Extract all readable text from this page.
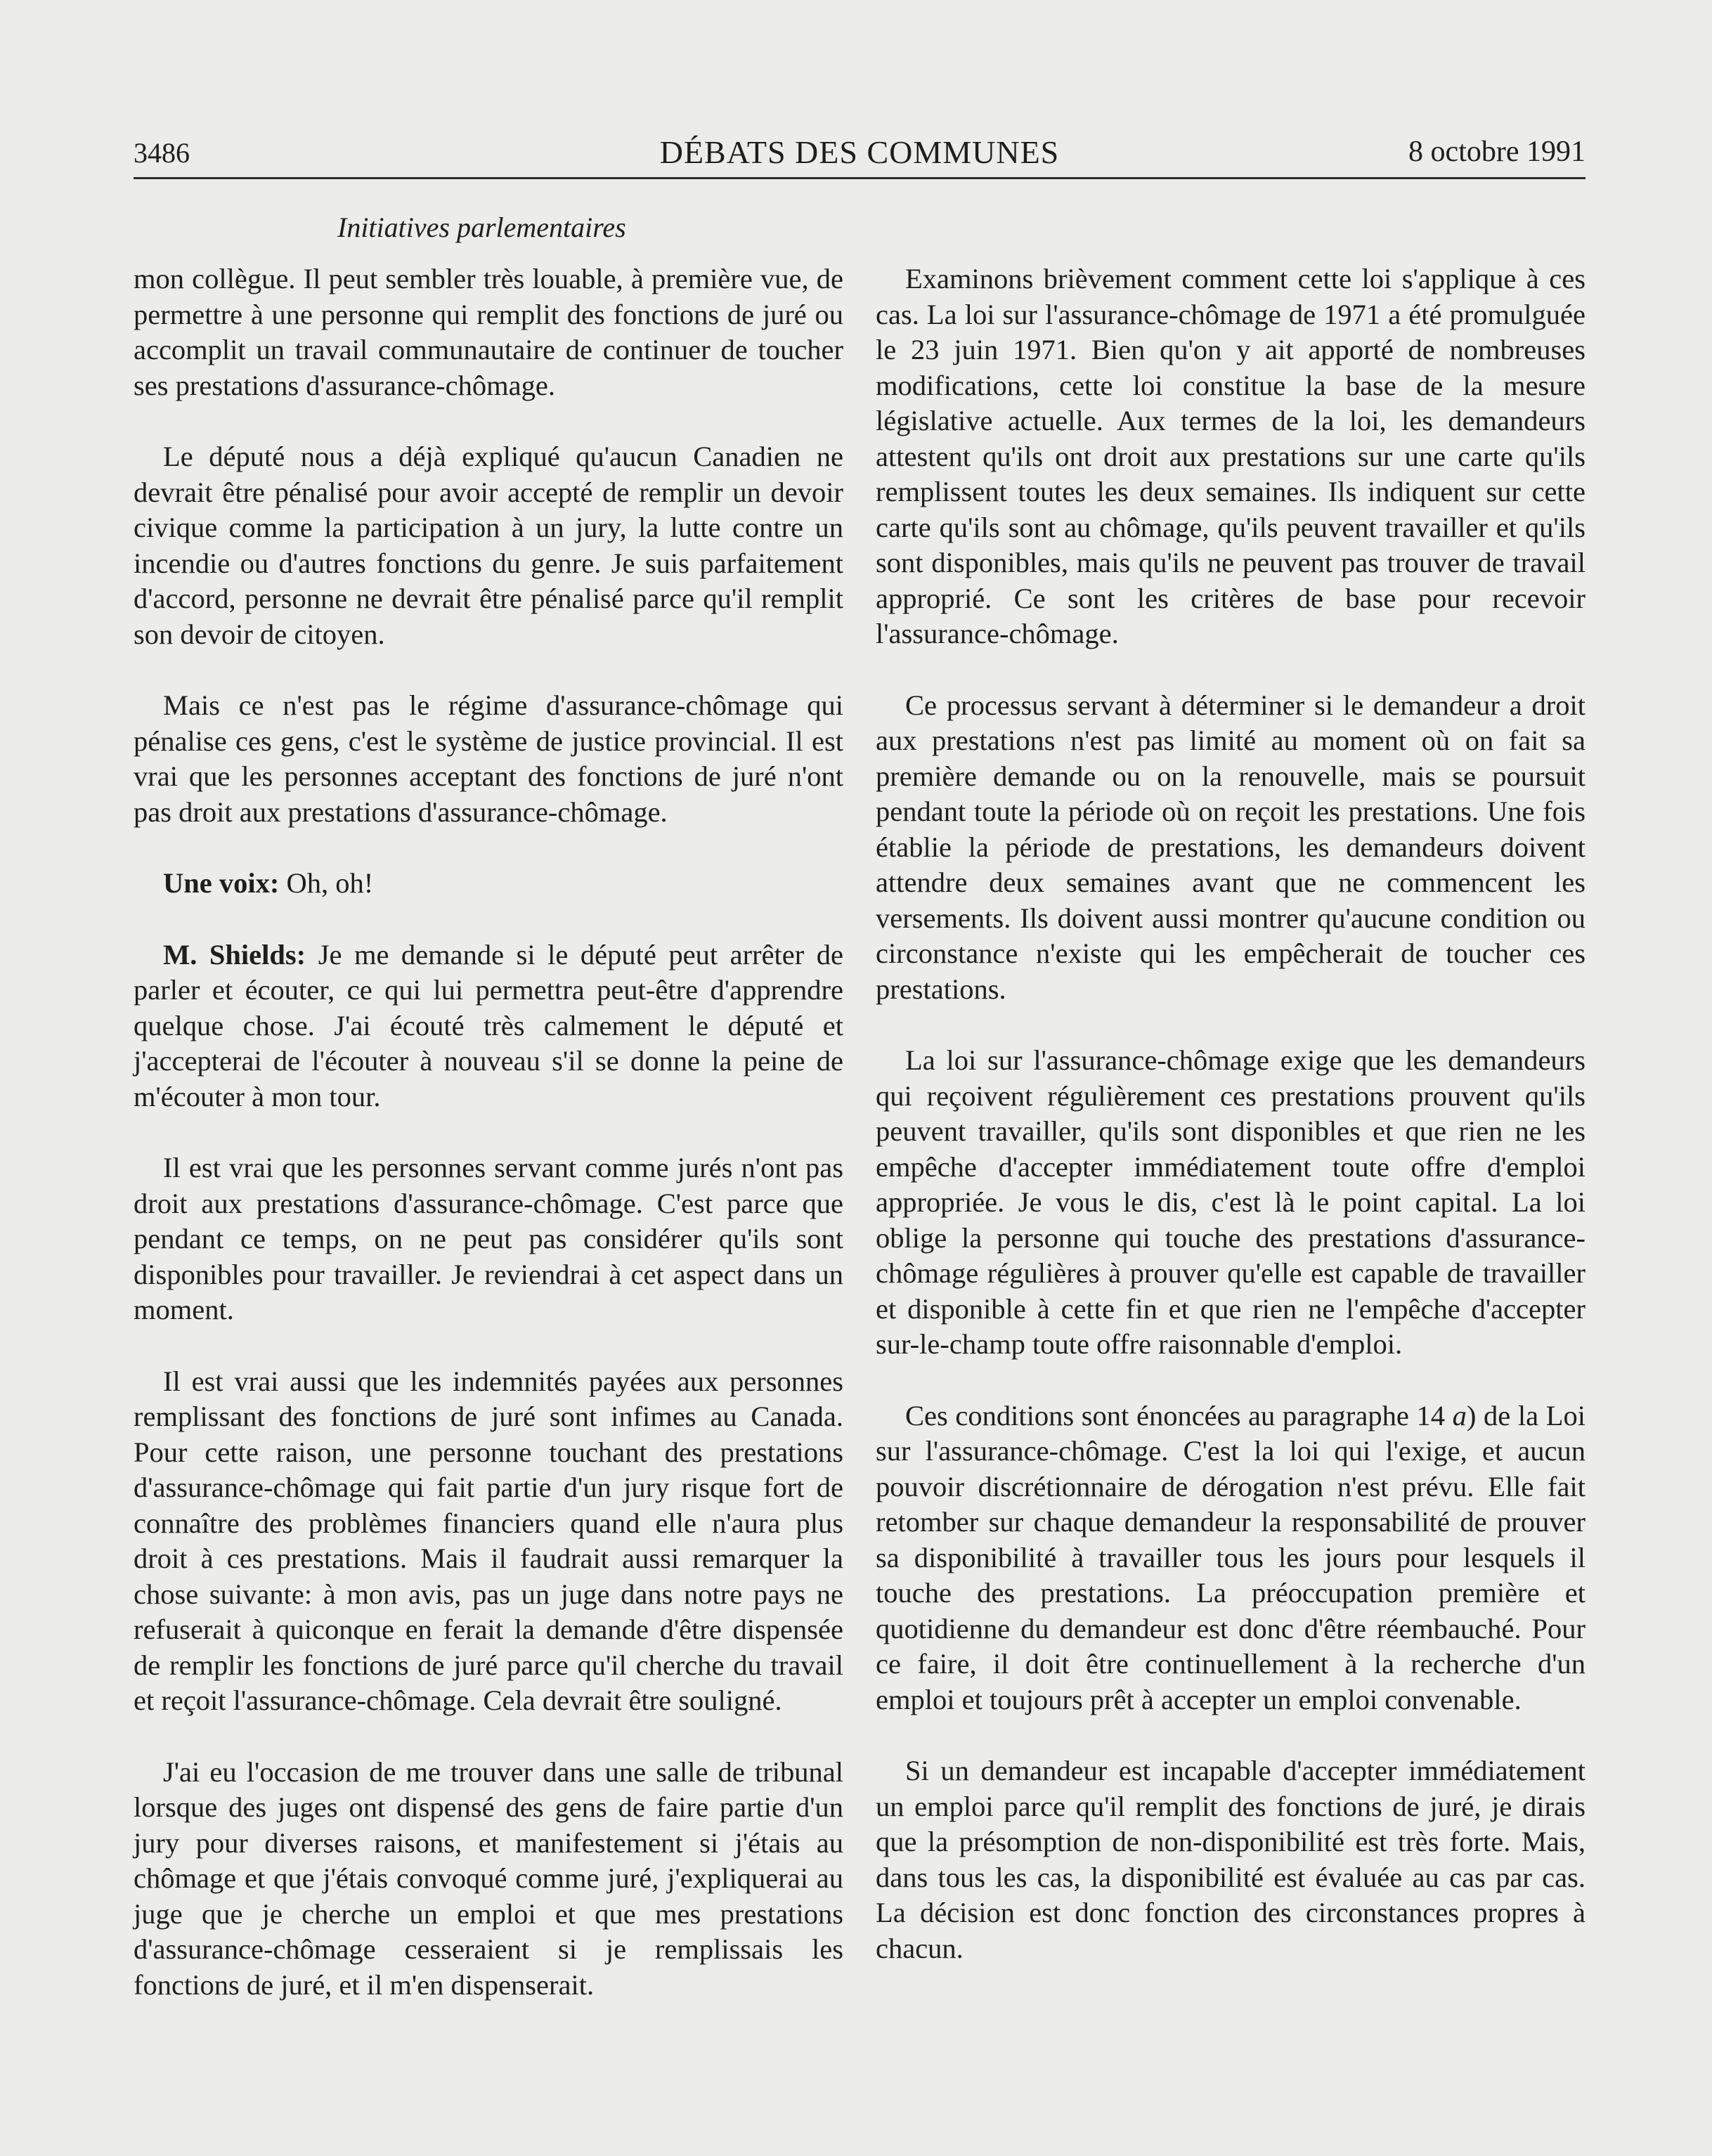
3486	DÉBATS DES COMMUNES	8 octobre 1991
Initiatives parlementaires

mon collègue. Il peut sembler très louable, à première vue, de permettre à une personne qui remplit des fonctions de juré ou accomplit un travail communautaire de continuer de toucher ses prestations d'assurance-chômage.

Le député nous a déjà expliqué qu'aucun Canadien ne devrait être pénalisé pour avoir accepté de remplir un devoir civique comme la participation à un jury, la lutte contre un incendie ou d'autres fonctions du genre. Je suis parfaitement d'accord, personne ne devrait être pénalisé parce qu'il remplit son devoir de citoyen.

Mais ce n'est pas le régime d'assurance-chômage qui pénalise ces gens, c'est le système de justice provincial. Il est vrai que les personnes acceptant des fonctions de juré n'ont pas droit aux prestations d'assurance-chômage.

Une voix: Oh, oh!

M. Shields: Je me demande si le député peut arrêter de parler et écouter, ce qui lui permettra peut-être d'apprendre quelque chose. J'ai écouté très calmement le député et j'accepterai de l'écouter à nouveau s'il se donne la peine de m'écouter à mon tour.

Il est vrai que les personnes servant comme jurés n'ont pas droit aux prestations d'assurance-chômage. C'est parce que pendant ce temps, on ne peut pas considérer qu'ils sont disponibles pour travailler. Je reviendrai à cet aspect dans un moment.

Il est vrai aussi que les indemnités payées aux personnes remplissant des fonctions de juré sont infimes au Canada. Pour cette raison, une personne touchant des prestations d'assurance-chômage qui fait partie d'un jury risque fort de connaître des problèmes financiers quand elle n'aura plus droit à ces prestations. Mais il faudrait aussi remarquer la chose suivante: à mon avis, pas un juge dans notre pays ne refuserait à quiconque en ferait la demande d'être dispensée de remplir les fonctions de juré parce qu'il cherche du travail et reçoit l'assurance-chômage. Cela devrait être souligné.

J'ai eu l'occasion de me trouver dans une salle de tribunal lorsque des juges ont dispensé des gens de faire partie d'un jury pour diverses raisons, et manifestement si j'étais au chômage et que j'étais convoqué comme juré, j'expliquerai au juge que je cherche un emploi et que mes prestations d'assurance-chômage cesseraient si je remplissais les fonctions de juré, et il m'en dispenserait.

Examinons brièvement comment cette loi s'applique à ces cas. La loi sur l'assurance-chômage de 1971 a été promulguée le 23 juin 1971. Bien qu'on y ait apporté de nombreuses modifications, cette loi constitue la base de la mesure législative actuelle. Aux termes de la loi, les demandeurs attestent qu'ils ont droit aux prestations sur une carte qu'ils remplissent toutes les deux semaines. Ils indiquent sur cette carte qu'ils sont au chômage, qu'ils peuvent travailler et qu'ils sont disponibles, mais qu'ils ne peuvent pas trouver de travail approprié. Ce sont les critères de base pour recevoir l'assurance-chômage.

Ce processus servant à déterminer si le demandeur a droit aux prestations n'est pas limité au moment où on fait sa première demande ou on la renouvelle, mais se poursuit pendant toute la période où on reçoit les prestations. Une fois établie la période de prestations, les demandeurs doivent attendre deux semaines avant que ne commencent les versements. Ils doivent aussi montrer qu'aucune condition ou circonstance n'existe qui les empêcherait de toucher ces prestations.

La loi sur l'assurance-chômage exige que les demandeurs qui reçoivent régulièrement ces prestations prouvent qu'ils peuvent travailler, qu'ils sont disponibles et que rien ne les empêche d'accepter immédiatement toute offre d'emploi appropriée. Je vous le dis, c'est là le point capital. La loi oblige la personne qui touche des prestations d'assurance-chômage régulières à prouver qu'elle est capable de travailler et disponible à cette fin et que rien ne l'empêche d'accepter sur-le-champ toute offre raisonnable d'emploi.

Ces conditions sont énoncées au paragraphe 14 a) de la Loi sur l'assurance-chômage. C'est la loi qui l'exige, et aucun pouvoir discrétionnaire de dérogation n'est prévu. Elle fait retomber sur chaque demandeur la responsabilité de prouver sa disponibilité à travailler tous les jours pour lesquels il touche des prestations. La préoccupation première et quotidienne du demandeur est donc d'être réembauché. Pour ce faire, il doit être continuellement à la recherche d'un emploi et toujours prêt à accepter un emploi convenable.

Si un demandeur est incapable d'accepter immédiatement un emploi parce qu'il remplit des fonctions de juré, je dirais que la présomption de non-disponibilité est très forte. Mais, dans tous les cas, la disponibilité est évaluée au cas par cas. La décision est donc fonction des circonstances propres à chacun.
